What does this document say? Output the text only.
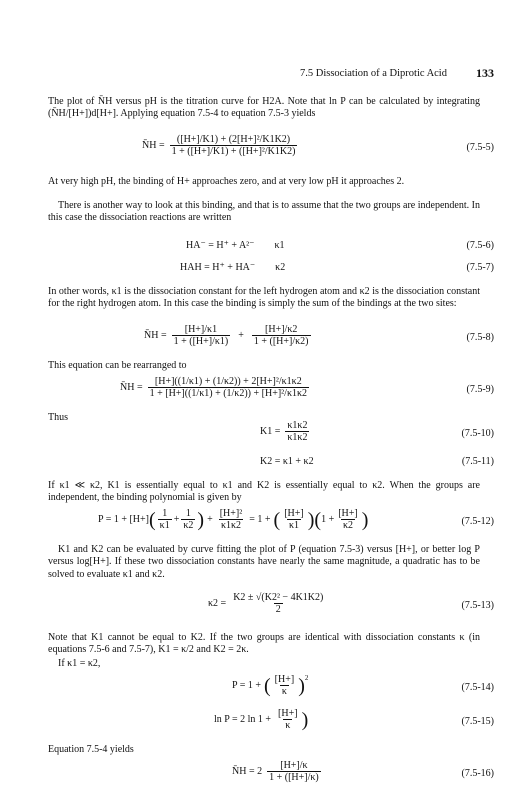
7.5 Dissociation of a Diprotic Acid 133
The plot of N̄H versus pH is the titration curve for H2A. Note that ln P can be calculated by integrating (N̄H/[H+])d[H+]. Applying equation 7.5-4 to equation 7.5-3 yields
N̄H = $\frac{\text{([H+]/K1) + (2[H+]²/K1K2)}}{\text{1 + ([H+]/K1) + ([H+]²/K1K2)}}$	(7.5-5)
At very high pH, the binding of H+ approaches zero, and at very low pH it approaches 2.
There is another way to look at this binding, and that is to assume that the two groups are independent. In this case the dissociation reactions are written
HA⁻ = H⁺ + A²⁻        κ1	(7.5-6)
HAH = H⁺ + HA⁻        κ2	(7.5-7)
In other words, κ1 is the dissociation constant for the left hydrogen atom and κ2 is the dissociation constant for the right hydrogen atom. In this case the binding is simply the sum of the bindings at the two sites:
N̄H = $\frac{[H+]/\kappa 1}{1 + ([H+]/\kappa 1)} + \frac{[H+]/\kappa 2}{1 + ([H+]/\kappa 2)}$	(7.5-8)
This equation can be rearranged to
N̄H = $\frac{\text{[H+]((1/κ1) + (1/κ2)) + 2[H+]²/κ1κ2}}{\text{1 + [H+]((1/κ1) + (1/κ2)) + [H+]²/κ1κ2}}$	(7.5-9)
Thus
$K1 = \frac{\kappa 1\kappa 2}{\kappa 1\kappa 2}$	(7.5-10)
K2 = κ1 + κ2	(7.5-11)
If κ1 ≪ κ2, K1 is essentially equal to κ1 and K2 is essentially equal to κ2. When the groups are independent, the binding polynomial is given by
P = 1 + [H+] ( $\frac{1}{\kappa 1} + \frac{1}{\kappa 2}$ ) + $\frac{\text{[H+]²}}{\kappa 1\kappa 2} = 1$ + ( $\frac{[H+]}{\kappa 1}$ ) ( $1 + \frac{[H+]}{\kappa 2}$ )	(7.5-12)
K1 and K2 can be evaluated by curve fitting the plot of P (equation 7.5-3) versus [H+], or better log P versus log[H+]. If these two dissociation constants have nearly the same magnitude, a quadratic has to be solved to evaluate κ1 and κ2.
$\kappa 2 = \frac{\text{K2 ± √(K2² − 4K1K2)}}{2}$	(7.5-13)
Note that K1 cannot be equal to K2. If the two groups are identical with dissociation constants κ (in equations 7.5-6 and 7.5-7), K1 = κ/2 and K2 = 2κ.
If κ1 = κ2,
P = 1 + ( $\frac{[H+]}{\kappa} )^2$
(7.5-14)
ln P = 2 $\ln 1 + \frac{[H+]}{\kappa}$ )	(7.5-15)
Equation 7.5-4 yields
N̄H = $2 \frac{[H+]/\kappa}{1 + ([H+]/\kappa)}$	(7.5-16)
